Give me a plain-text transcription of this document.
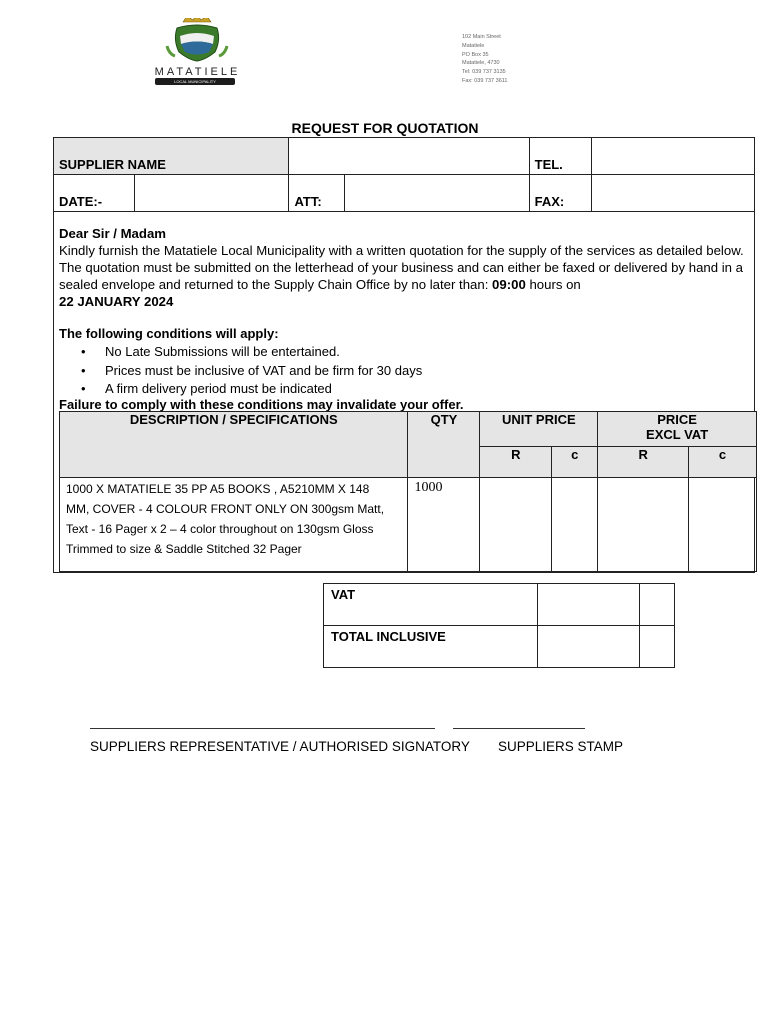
MATATIELE
LOCAL MUNICIPALITY
102 Main Street
Matatiele
PO Box 35
Matatiele, 4730
Tel: 039 737 3135
Fax: 039 737 3611
REQUEST FOR QUOTATION
SUPPLIER NAME				TEL.	
DATE:-		ATT:		FAX:	
Dear Sir / Madam
Kindly furnish the Matatiele Local Municipality with a written quotation for the supply of the services as detailed below. The quotation must be submitted on the letterhead of your business and can either be faxed or delivered by hand in a sealed envelope and returned to the Supply Chain Office by no later than: 09:00 hours on
22 JANUARY 2024
The following conditions will apply:
• No Late Submissions will be entertained.
• Prices must be inclusive of VAT and be firm for 30 days
• A firm delivery period must be indicated
Failure to comply with these conditions may invalidate your offer.
DESCRIPTION / SPECIFICATIONS	QTY	UNIT PRICE		PRICE
EXCL VAT	

		R	c	R	c

1000 X MATATIELE 35 PP A5 BOOKS , A5210MM X 148
MM, COVER - 4 COLOUR FRONT ONLY ON 300gsm Matt,
Text - 16 Pager x 2 – 4 color throughout on 130gsm Gloss
Trimmed to size & Saddle Stitched 32 Pager	1000				
VAT		
TOTAL INCLUSIVE		
SUPPLIERS REPRESENTATIVE / AUTHORISED SIGNATORY SUPPLIERS STAMP
